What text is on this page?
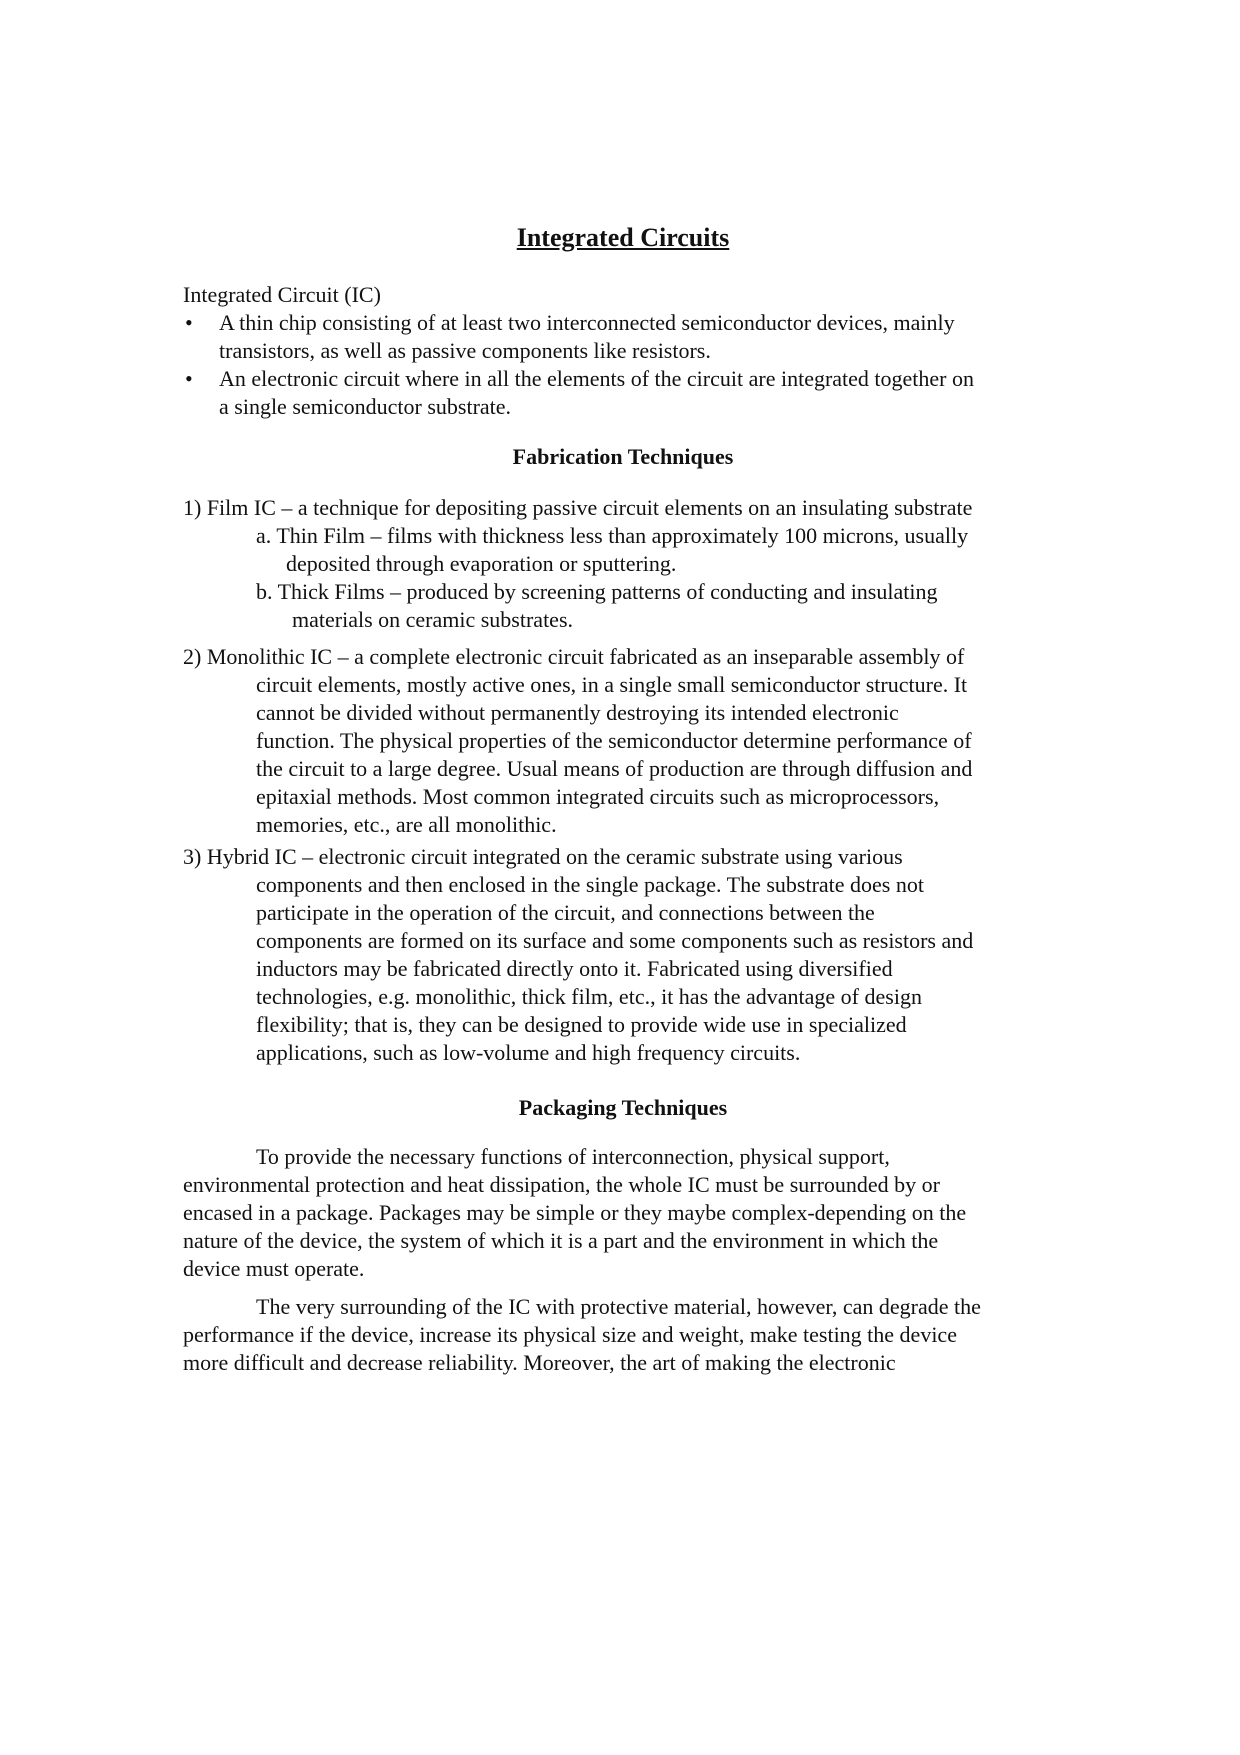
Integrated Circuits
Integrated Circuit (IC)
• A thin chip consisting of at least two interconnected semiconductor devices, mainly
transistors, as well as passive components like resistors.
• An electronic circuit where in all the elements of the circuit are integrated together on
a single semiconductor substrate.
Fabrication Techniques
1) Film IC – a technique for depositing passive circuit elements on an insulating substrate
a. Thin Film – films with thickness less than approximately 100 microns, usually
deposited through evaporation or sputtering.
b. Thick Films – produced by screening patterns of conducting and insulating
materials on ceramic substrates.
2) Monolithic IC – a complete electronic circuit fabricated as an inseparable assembly of
circuit elements, mostly active ones, in a single small semiconductor structure. It
cannot be divided without permanently destroying its intended electronic
function. The physical properties of the semiconductor determine performance of
the circuit to a large degree. Usual means of production are through diffusion and
epitaxial methods. Most common integrated circuits such as microprocessors,
memories, etc., are all monolithic.
3) Hybrid IC – electronic circuit integrated on the ceramic substrate using various
components and then enclosed in the single package. The substrate does not
participate in the operation of the circuit, and connections between the
components are formed on its surface and some components such as resistors and
inductors may be fabricated directly onto it. Fabricated using diversified
technologies, e.g. monolithic, thick film, etc., it has the advantage of design
flexibility; that is, they can be designed to provide wide use in specialized
applications, such as low-volume and high frequency circuits.
Packaging Techniques
To provide the necessary functions of interconnection, physical support,
environmental protection and heat dissipation, the whole IC must be surrounded by or
encased in a package. Packages may be simple or they maybe complex-depending on the
nature of the device, the system of which it is a part and the environment in which the
device must operate.
The very surrounding of the IC with protective material, however, can degrade the
performance if the device, increase its physical size and weight, make testing the device
more difficult and decrease reliability. Moreover, the art of making the electronic
